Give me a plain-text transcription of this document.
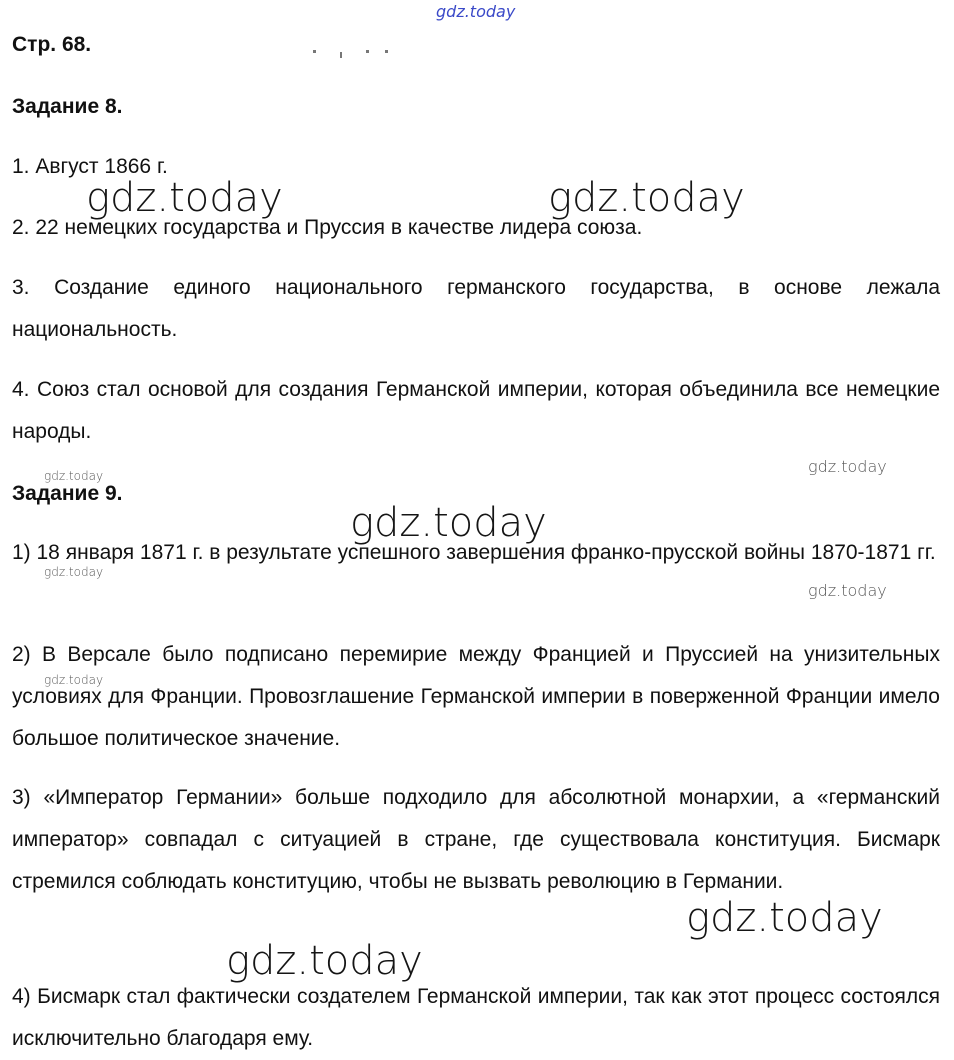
Стр. 68.
Задание 8.
1. Август 1866 г.
2. 22 немецких государства и Пруссия в качестве лидера союза.
3. Создание единого национального германского государства, в основе лежала национальность.
4. Союз стал основой для создания Германской империи, которая объединила все немецкие народы.
Задание 9.
1) 18 января 1871 г. в результате успешного завершения франко-прусской войны 1870-1871 гг.
2) В Версале было подписано перемирие между Францией и Пруссией на унизительных условиях для Франции. Провозглашение Германской империи в поверженной Франции имело большое политическое значение.
3) «Император Германии» больше подходило для абсолютной монархии, а «германский император» совпадал с ситуацией в стране, где существовала конституция. Бисмарк стремился соблюдать конституцию, чтобы не вызвать революцию в Германии.
4) Бисмарк стал фактически создателем Германской империи, так как этот процесс состоялся исключительно благодаря ему.
gdz.today
gdz.today	gdz.today
gdz.today
gdz.today
gdz.today
gdz.today
gdz.today
gdz.today
gdz.today
gdz.today
